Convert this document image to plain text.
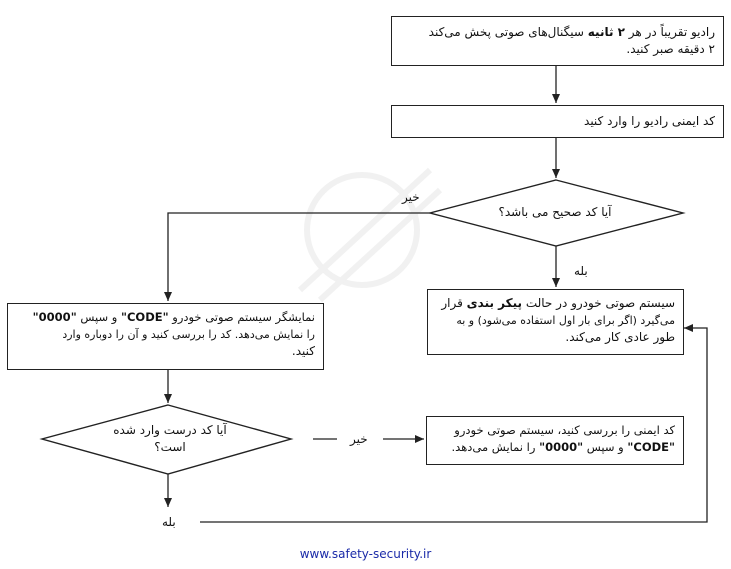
رادیو تقریباً در هر ۲ ثانیه سیگنال‌های صوتی پخش می‌کند
۲ دقیقه صبر کنید.
کد ایمنی رادیو را وارد کنید
آیا کد صحیح می باشد؟
خیر
بله
سیستم صوتی خودرو در حالت پیکر بندی قرار
می‌گیرد (اگر برای بار اول استفاده می‌شود) و به
طور عادی کار می‌کند.
نمایشگر سیستم صوتی خودرو "CODE" و سپس "0000"
را نمایش می‌دهد. کد را بررسی کنید و آن را دوباره وارد
کنید.
آیا کد درست وارد شده
است؟
خیر
بله
کد ایمنی را بررسی کنید، سیستم صوتی خودرو
"CODE" و سپس "0000" را نمایش می‌دهد.
www.safety-security.ir
